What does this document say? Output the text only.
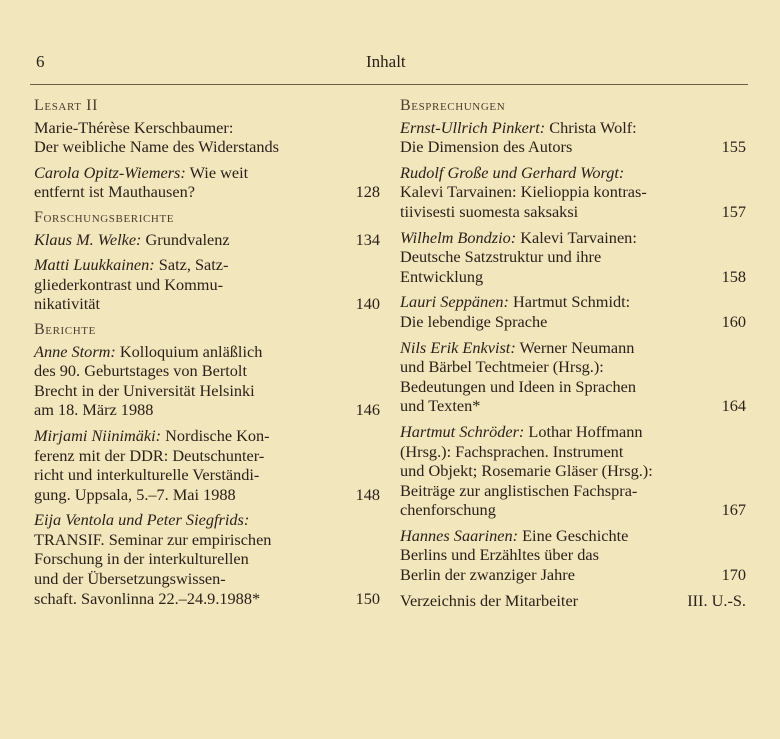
6	Inhalt
Lesart II
Marie-Thérèse Kerschbaumer:
Der weibliche Name des Widerstands
Carola Opitz-Wiemers: Wie weit
entfernt ist Mauthausen?	128
Forschungsberichte
Klaus M. Welke: Grundvalenz	134
Matti Luukkainen: Satz, Satz-
gliederkontrast und Kommu-
nikativität	140
Berichte
Anne Storm: Kolloquium anläßlich
des 90. Geburtstages von Bertolt
Brecht in der Universität Helsinki
am 18. März 1988	146
Mirjami Niinimäki: Nordische Kon-
ferenz mit der DDR: Deutschunter-
richt und interkulturelle Verständi-
gung. Uppsala, 5.–7. Mai 1988	148
Eija Ventola und Peter Siegfrids:
TRANSIF. Seminar zur empirischen
Forschung in der interkulturellen
und der Übersetzungswissen-
schaft. Savonlinna 22.–24.9.1988*	150
Besprechungen
Ernst-Ullrich Pinkert: Christa Wolf:
Die Dimension des Autors	155
Rudolf Große und Gerhard Worgt:
Kalevi Tarvainen: Kielioppia kontras-
tiivisesti suomesta saksaksi	157
Wilhelm Bondzio: Kalevi Tarvainen:
Deutsche Satzstruktur und ihre
Entwicklung	158
Lauri Seppänen: Hartmut Schmidt:
Die lebendige Sprache	160
Nils Erik Enkvist: Werner Neumann
und Bärbel Techtmeier (Hrsg.):
Bedeutungen und Ideen in Sprachen
und Texten*	164
Hartmut Schröder: Lothar Hoffmann
(Hrsg.): Fachsprachen. Instrument
und Objekt; Rosemarie Gläser (Hrsg.):
Beiträge zur anglistischen Fachspra-
chenforschung	167
Hannes Saarinen: Eine Geschichte
Berlins und Erzähltes über das
Berlin der zwanziger Jahre	170
Verzeichnis der Mitarbeiter	III. U.-S.
